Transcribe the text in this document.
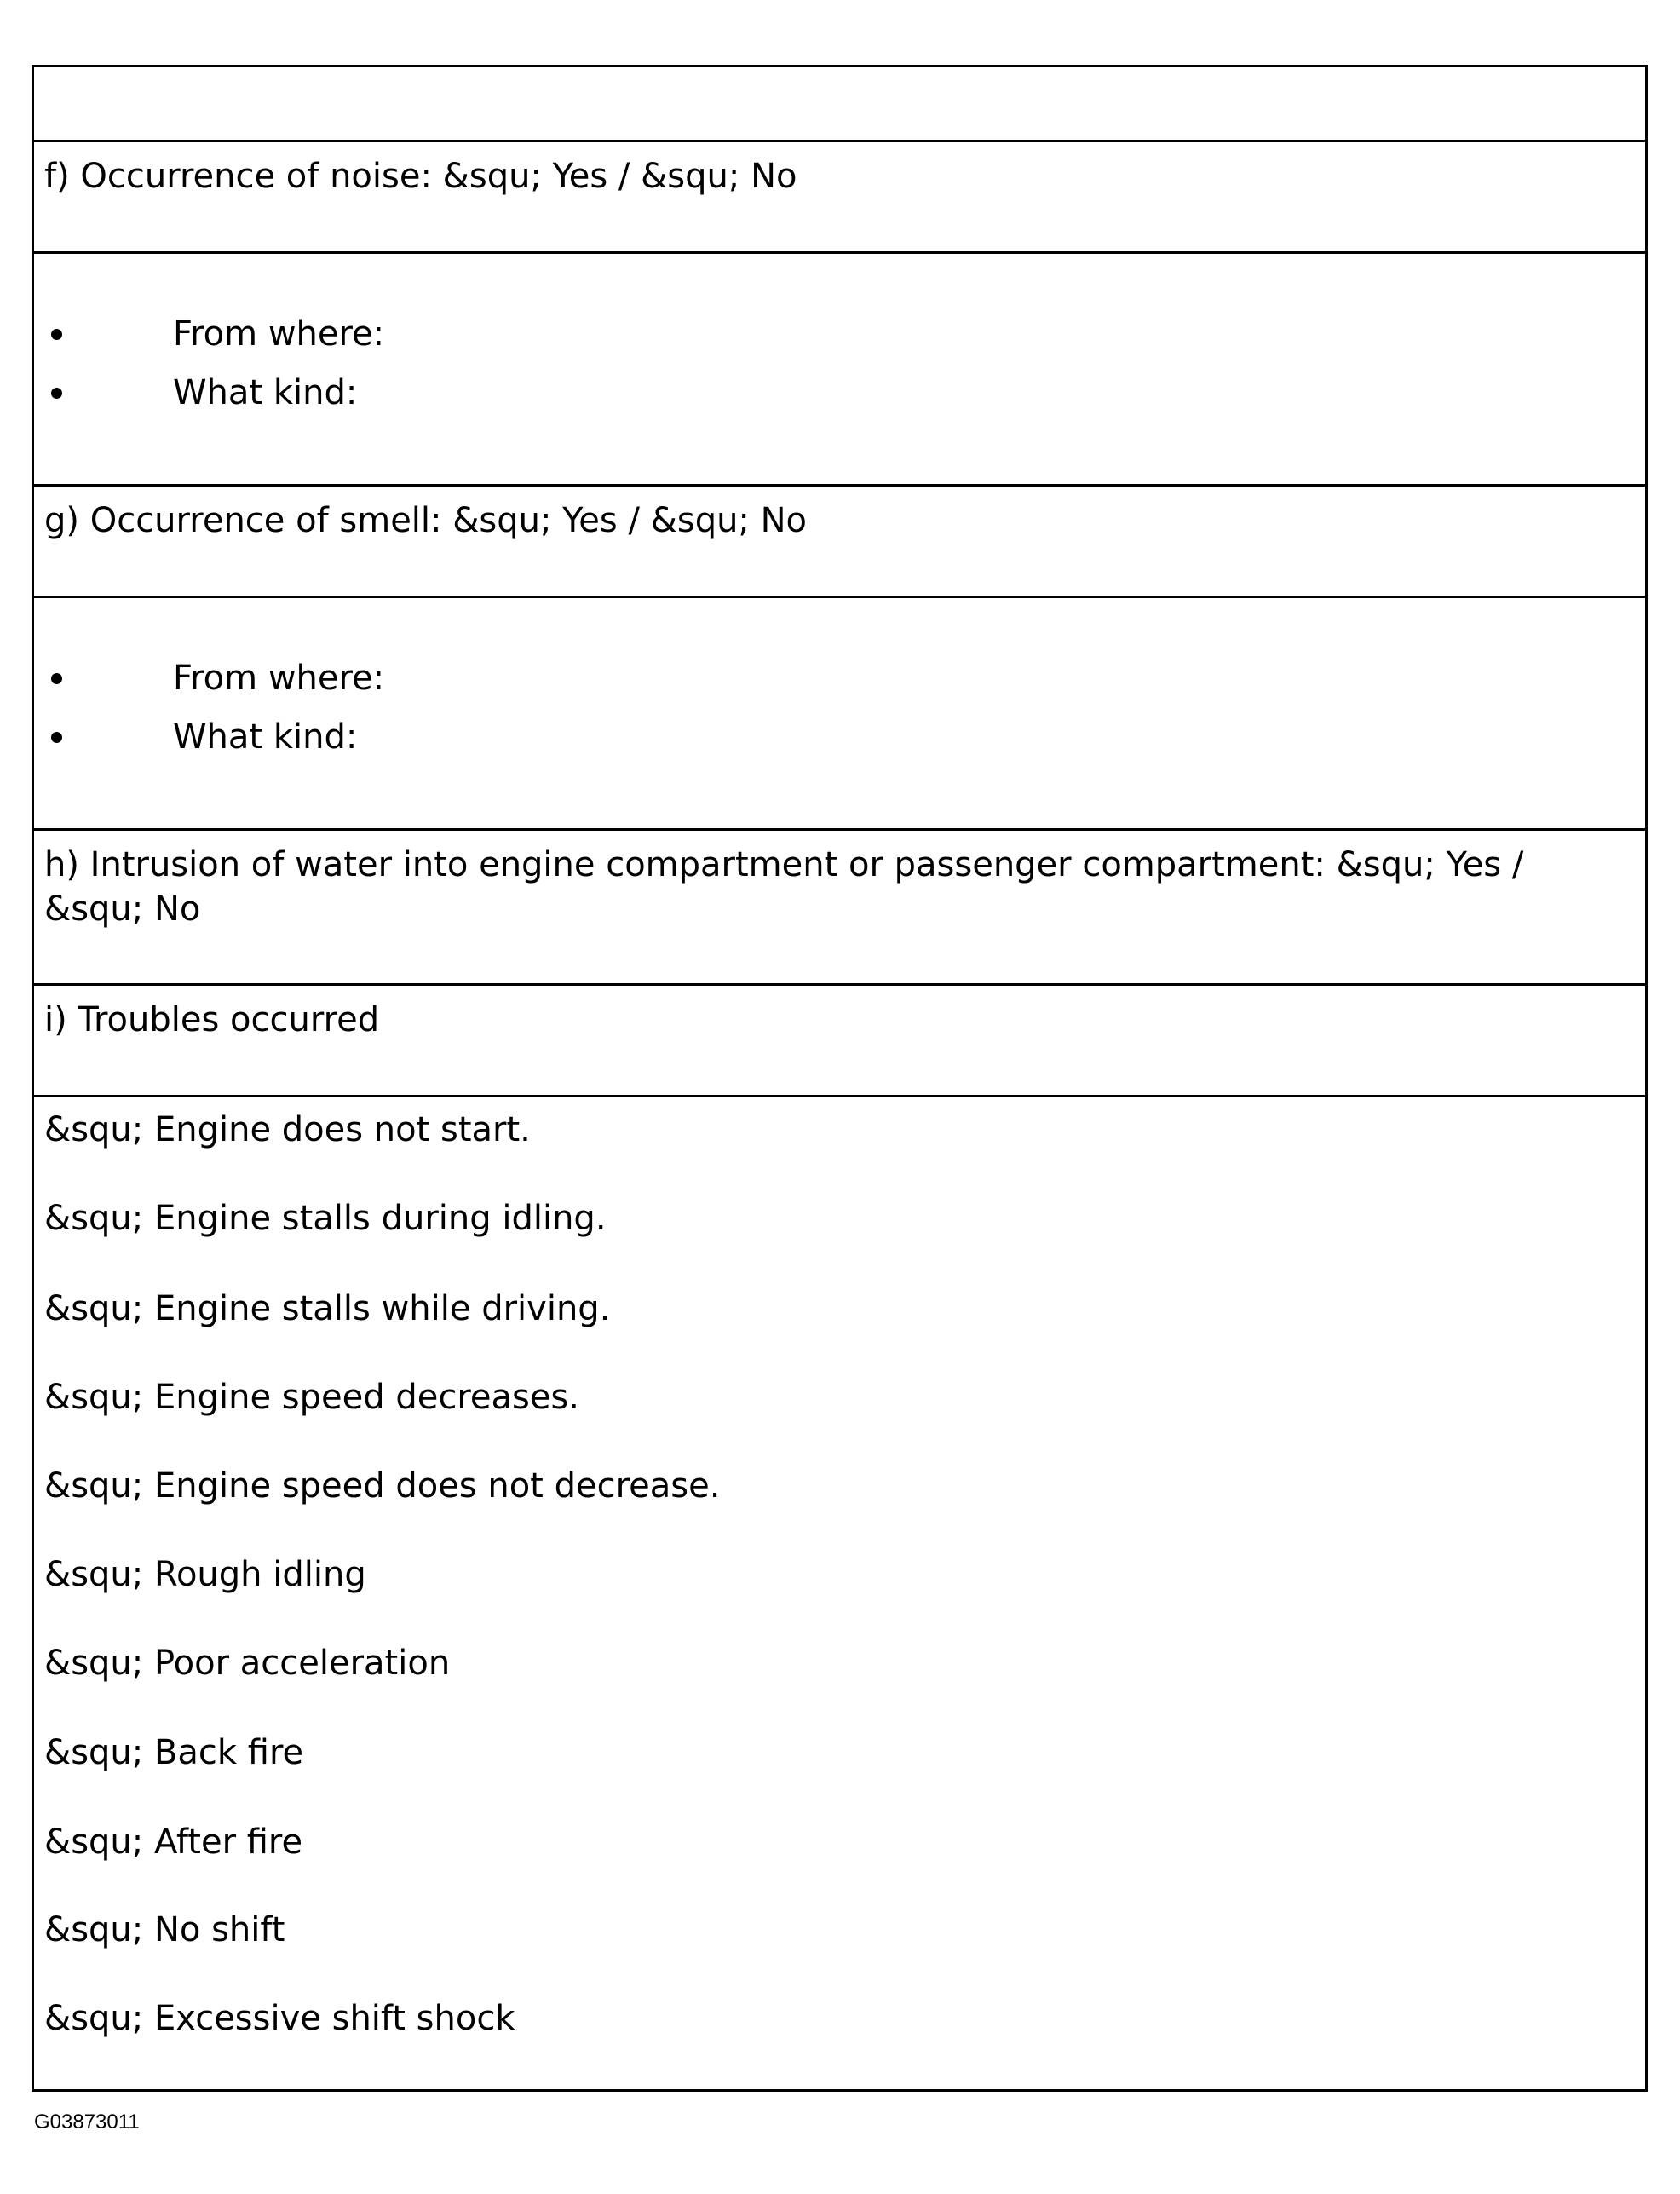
f) Occurrence of noise: &squ; Yes / &squ; No
From where:
What kind:
g) Occurrence of smell: &squ; Yes / &squ; No
From where:
What kind:
h) Intrusion of water into engine compartment or passenger compartment: &squ; Yes / &squ; No
i) Troubles occurred
&squ; Engine does not start.
&squ; Engine stalls during idling.
&squ; Engine stalls while driving.
&squ; Engine speed decreases.
&squ; Engine speed does not decrease.
&squ; Rough idling
&squ; Poor acceleration
&squ; Back fire
&squ; After fire
&squ; No shift
&squ; Excessive shift shock
G03873011
